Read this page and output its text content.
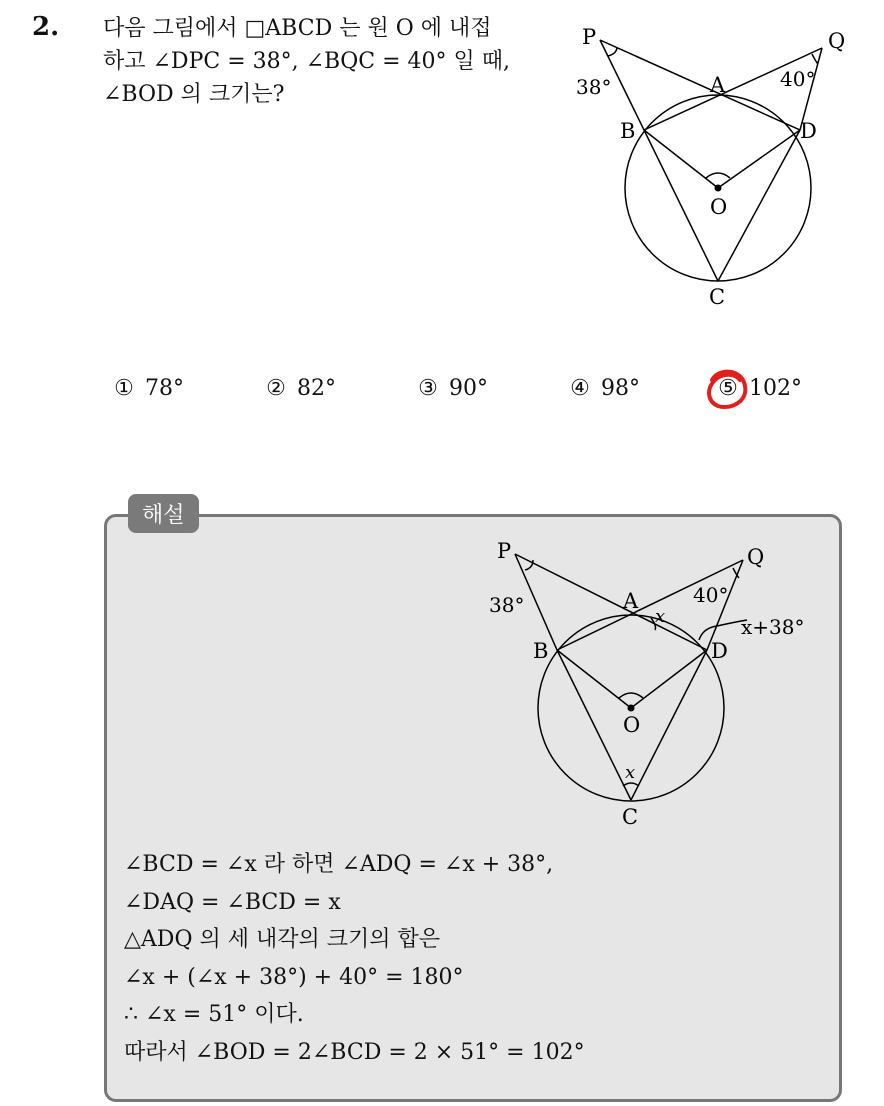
2. 다음 그림에서 □ABCD 는 원 O 에 내접
하고 ∠DPC = 38°, ∠BQC = 40° 일 때,
∠BOD 의 크기는?
P	Q
A
B	D
O
C
38°	40°
① 78°	② 82°	③ 90°	④ 98°	⑤ 102°
해설
P	Q
A
B	D
O
C
38°	40°
x
x
x+38°
∠BCD = ∠x 라 하면 ∠ADQ = ∠x + 38°,
∠DAQ = ∠BCD = x
△ADQ 의 세 내각의 크기의 합은
∠x + (∠x + 38°) + 40° = 180°
∴ ∠x = 51° 이다.
따라서 ∠BOD = 2∠BCD = 2 × 51° = 102°
